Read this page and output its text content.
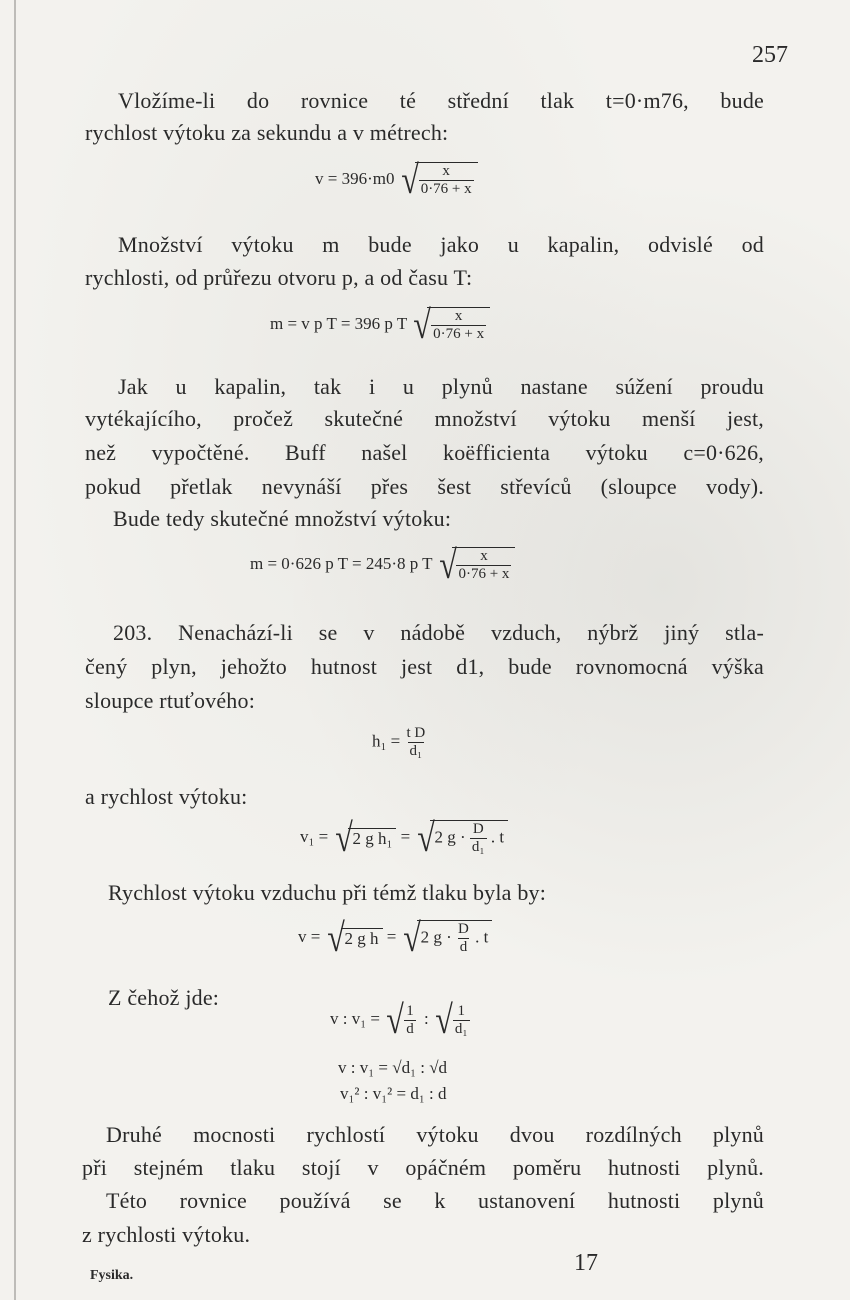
257
Vložíme-li do rovnice té střední tlak t=0·m76, bude
rychlost výtoku za sekundu a v métrech:
v = 396·m0 √ $\frac{x}{0\cdot 76 + x}$
Množství výtoku m bude jako u kapalin, odvislé od
rychlosti, od průřezu otvoru p, a od času T:
m = v p T = 396 p T √ $\frac{x}{0\cdot 76 + x}$
Jak u kapalin, tak i u plynů nastane súžení proudu
vytékajícího, pročež skutečné množství výtoku menší jest,
než vypočtěné. Buff našel koëfficienta výtoku c=0·626,
pokud přetlak nevynáší přes šest střevíců (sloupce vody).
Bude tedy skutečné množství výtoku:
m = 0·626 p T = 245·8 p T √ $\frac{x}{0\cdot 76 + x}$
203. Nenachází-li se v nádobě vzduch, nýbrž jiný stla-
čený plyn, jehožto hutnost jest d1, bude rovnomocná výška
sloupce rtuťového:
$h_1 = \frac{\text{t D}}{\text{d₁}}$
a rychlost výtoku:
v₁ = √2 g h₁ = √2 $g \cdot \frac{D}{\text{d₁}}$ . t
Rychlost výtoku vzduchu při témž tlaku byla by:
v = √2 g h = √2 $g \cdot \frac{D}{d}$ . t
Z čehož jde:
v : v₁ = √ $\frac{1}{d}$ : √ $\frac{1}{\text{d₁}}$
v : v₁ = √d₁ : √d
v₁² : v₁² = d₁ : d
Druhé mocnosti rychlostí výtoku dvou rozdílných plynů
při stejném tlaku stojí v opáčném poměru hutnosti plynů.
Této rovnice používá se k ustanovení hutnosti plynů
z rychlosti výtoku.
Fysika.	17
